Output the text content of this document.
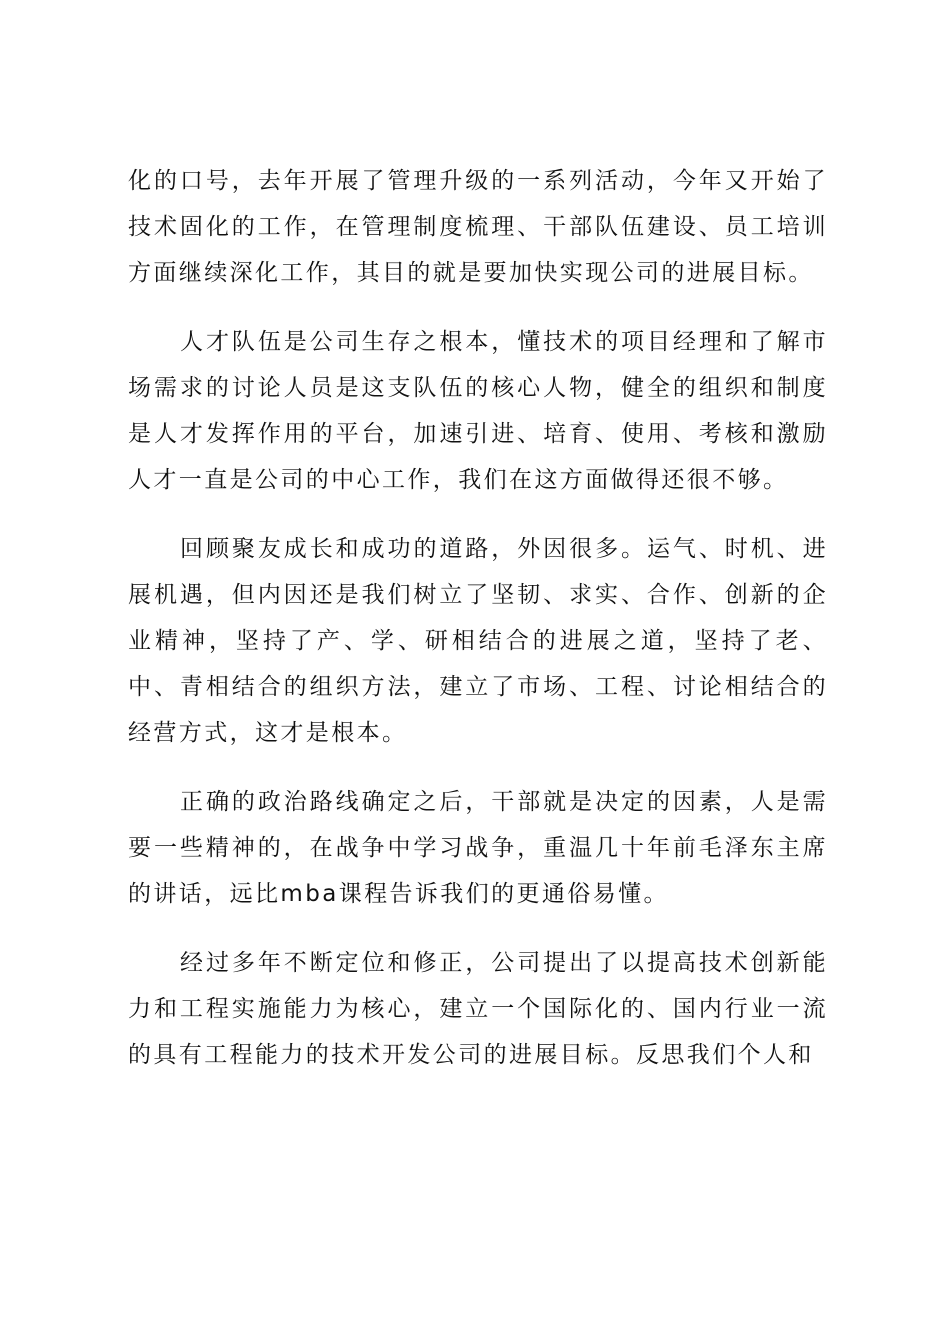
化的口号，去年开展了管理升级的一系列活动，今年又开始了技术固化的工作，在管理制度梳理、干部队伍建设、员工培训方面继续深化工作，其目的就是要加快实现公司的进展目标。

人才队伍是公司生存之根本，懂技术的项目经理和了解市场需求的讨论人员是这支队伍的核心人物，健全的组织和制度是人才发挥作用的平台，加速引进、培育、使用、考核和激励人才一直是公司的中心工作，我们在这方面做得还很不够。

回顾聚友成长和成功的道路，外因很多。运气、时机、进展机遇，但内因还是我们树立了坚韧、求实、合作、创新的企业精神，坚持了产、学、研相结合的进展之道，坚持了老、中、青相结合的组织方法，建立了市场、工程、讨论相结合的经营方式，这才是根本。

正确的政治路线确定之后，干部就是决定的因素，人是需要一些精神的，在战争中学习战争，重温几十年前毛泽东主席的讲话，远比mba课程告诉我们的更通俗易懂。

经过多年不断定位和修正，公司提出了以提高技术创新能力和工程实施能力为核心，建立一个国际化的、国内行业一流的具有工程能力的技术开发公司的进展目标。反思我们个人和
